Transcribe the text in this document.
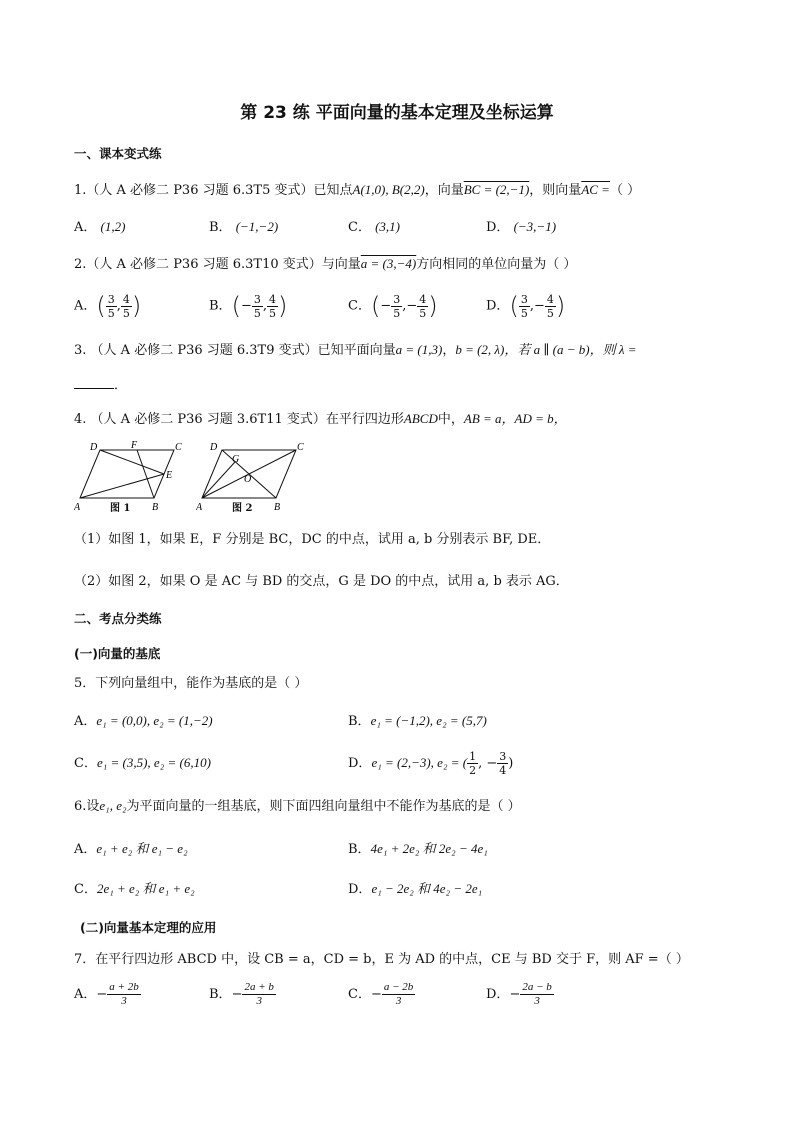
第 23 练 平面向量的基本定理及坐标运算
一、课本变式练
1.（人 A 必修二 P36 习题 6.3T5 变式）已知点A(1,0), B(2,2)，向量BC = (2,−1)，则向量AC =（ ）
A． (1,2)	B． (−1,−2)	C． (3,1)	D． (−3,−1)
2.（人 A 必修二 P36 习题 6.3T10 变式）与向量a = (3,−4)方向相同的单位向量为（ ）
A．( $\frac{3}{5}$ , $\frac{4}{5}$ )	B．(− $\frac{3}{5}$ , $\frac{4}{5}$ )	C．(− $\frac{3}{5}$ ,− $\frac{4}{5}$ )	D．( $\frac{3}{5}$ ,− $\frac{4}{5}$ )
3. （人 A 必修二 P36 习题 6.3T9 变式）已知平面向量a = (1,3)，b = (2, λ)，若 a ∥ (a − b)，则 λ =
．
4. （人 A 必修二 P36 习题 3.6T11 变式）在平行四边形ABCD中，AB = a，AD = b，
D	F	C
E
A	B
图 1
D	C
G
O
A	B
图 2
（1）如图 1，如果 E，F 分别是 BC，DC 的中点，试用 a, b 分别表示 BF, DE．
（2）如图 2，如果 O 是 AC 与 BD 的交点，G 是 DO 的中点，试用 a, b 表示 AG．
二、考点分类练
(一)向量的基底
5．下列向量组中，能作为基底的是（ ）
A．e₁ = (0,0), e₂ = (1,−2)	B．e₁ = (−1,2), e₂ = (5,7)
C．e₁ = (3,5), e₂ = (6,10)	D．e₁ = (2,−3), e₂ = ( $\frac{1}{2}$ , − $\frac{3}{4}$ )
6.设e₁, e₂为平面向量的一组基底，则下面四组向量组中不能作为基底的是（ ）
A．e₁ + e₂ 和 e₁ − e₂	B．4e₁ + 2e₂ 和 2e₂ − 4e₁
C．2e₁ + e₂ 和 e₁ + e₂	D．e₁ − 2e₂ 和 4e₂ − 2e₁
(二)向量基本定理的应用
7．在平行四边形 ABCD 中，设 CB = a，CD = b，E 为 AD 的中点，CE 与 BD 交于 F，则 AF =（ ）
A．− $\frac{a + 2b}{3}$	B．− $\frac{2a + b}{3}$	C．− $\frac{a - 2b}{3}$	D．− $\frac{2a - b}{3}$
